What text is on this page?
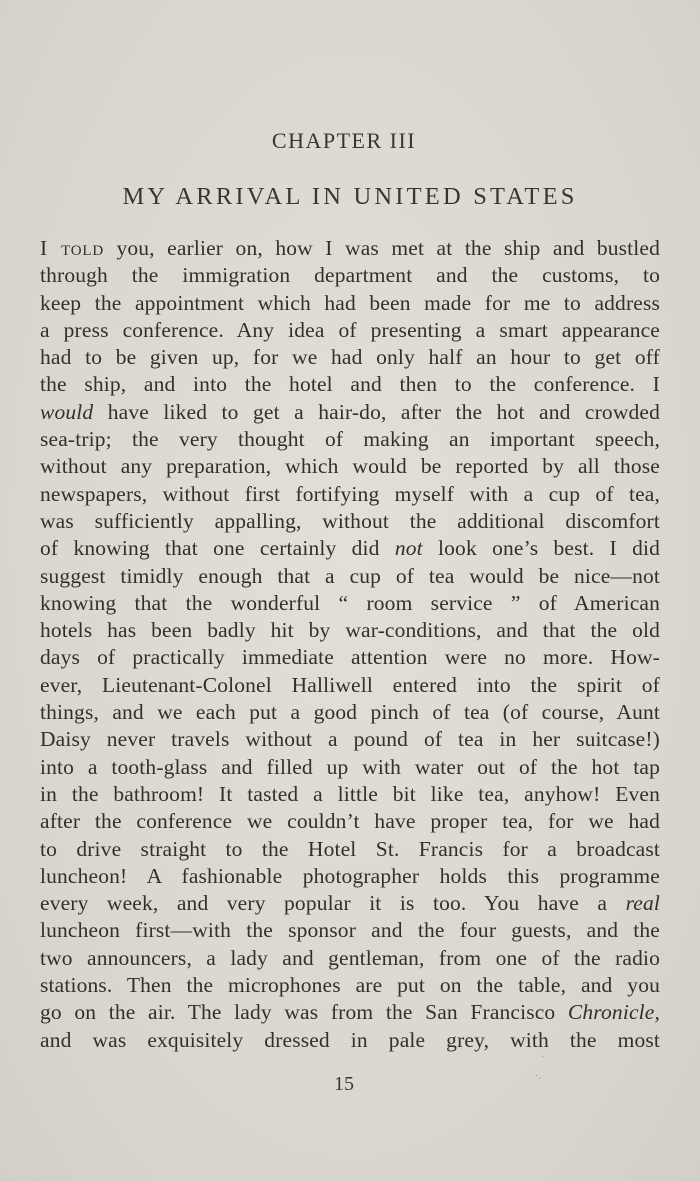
CHAPTER III
MY ARRIVAL IN UNITED STATES
I told you, earlier on, how I was met at the ship and bustled
through the immigration department and the customs, to
keep the appointment which had been made for me to address
a press conference. Any idea of presenting a smart appearance
had to be given up, for we had only half an hour to get off
the ship, and into the hotel and then to the conference. I
would have liked to get a hair-do, after the hot and crowded
sea-trip; the very thought of making an important speech,
without any preparation, which would be reported by all those
newspapers, without first fortifying myself with a cup of tea,
was sufficiently appalling, without the additional discomfort
of knowing that one certainly did not look one’s best. I did
suggest timidly enough that a cup of tea would be nice—not
knowing that the wonderful “ room service ” of American
hotels has been badly hit by war-conditions, and that the old
days of practically immediate attention were no more. How-
ever, Lieutenant-Colonel Halliwell entered into the spirit of
things, and we each put a good pinch of tea (of course, Aunt
Daisy never travels without a pound of tea in her suitcase!)
into a tooth-glass and filled up with water out of the hot tap
in the bathroom! It tasted a little bit like tea, anyhow! Even
after the conference we couldn’t have proper tea, for we had
to drive straight to the Hotel St. Francis for a broadcast
luncheon! A fashionable photographer holds this programme
every week, and very popular it is too. You have a real
luncheon first—with the sponsor and the four guests, and the
two announcers, a lady and gentleman, from one of the radio
stations. Then the microphones are put on the table, and you
go on the air. The lady was from the San Francisco Chronicle,
and was exquisitely dressed in pale grey, with the most
15
·
·.
